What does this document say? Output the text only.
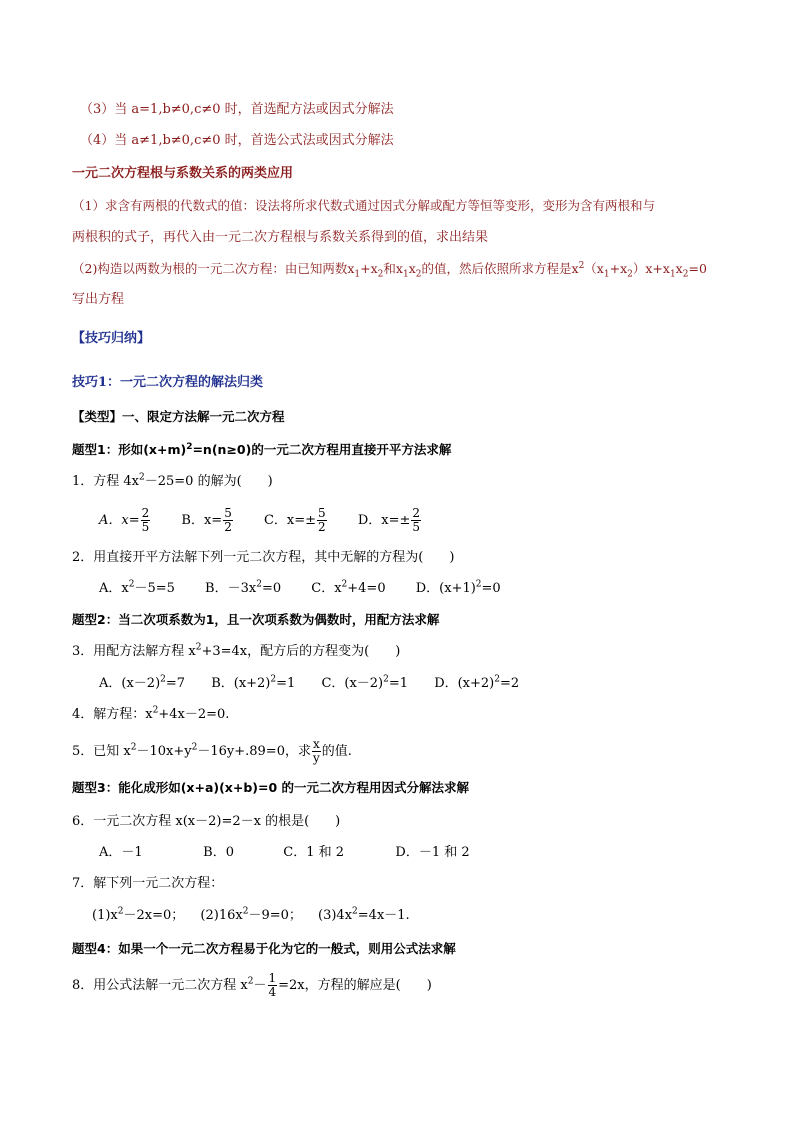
（3）当 a=1,b≠0,c≠0 时，首选配方法或因式分解法
（4）当 a≠1,b≠0,c≠0 时，首选公式法或因式分解法
一元二次方程根与系数关系的两类应用
（1）求含有两根的代数式的值：设法将所求代数式通过因式分解或配方等恒等变形，变形为含有两根和与
两根积的式子，再代入由一元二次方程根与系数关系得到的值，求出结果
（2)构造以两数为根的一元二次方程：由已知两数$x_1+x_2$和$x_1x_2$的值，然后依照所求方程是$x^2(x_1+x_2)x+x_1x_2=0$
写出方程
【技巧归纳】
技巧1：一元二次方程的解法归类
【类型】一、限定方法解一元二次方程
题型1：形如$(x+m)^2=n(n\ge 0)$的一元二次方程用直接开平方法求解
1．方程 $4x^2-25=0$ 的解为(　　)
A．$x= \frac{2}{5}$ B．$x= \frac{5}{2}$ C．$x=\pm \frac{5}{2}$ D．$x=\pm \frac{2}{5}$
2．用直接开平方法解下列一元二次方程，其中无解的方程为(　　)
A．$x^2-5=5$ B．$-3x^2=0$ C．$x^2+4=0$ D．$(x+1)^2=0$
题型2：当二次项系数为1，且一次项系数为偶数时，用配方法求解
3．用配方法解方程 $x^2+3=4x$，配方后的方程变为(　　)
A．$(x-2)^2=7$ B．$(x+2)^2=1$ C．$(x-2)^2=1$ D．$(x+2)^2=2$
4．解方程：$x^2+4x-2=0$.
5．已知 $x^2-10x+y^2-16y+.89=0$，求 $\frac{x}{y}$ 的值.
题型3：能化成形如(x+a)(x+b)=0 的一元二次方程用因式分解法求解
6．一元二次方程 x(x－2)=2－x 的根是(　　)
A．－1	B．0	C．1 和 2	D．－1 和 2
7．解下列一元二次方程：
$(1)x^2-2x=0$； $(2)16x^2-9=0$； $(3)4x^2=4x-1$.
题型4：如果一个一元二次方程易于化为它的一般式，则用公式法求解
8．用公式法解一元二次方程 $x^2- \frac{1}{4} =2x$，方程的解应是(　　)
